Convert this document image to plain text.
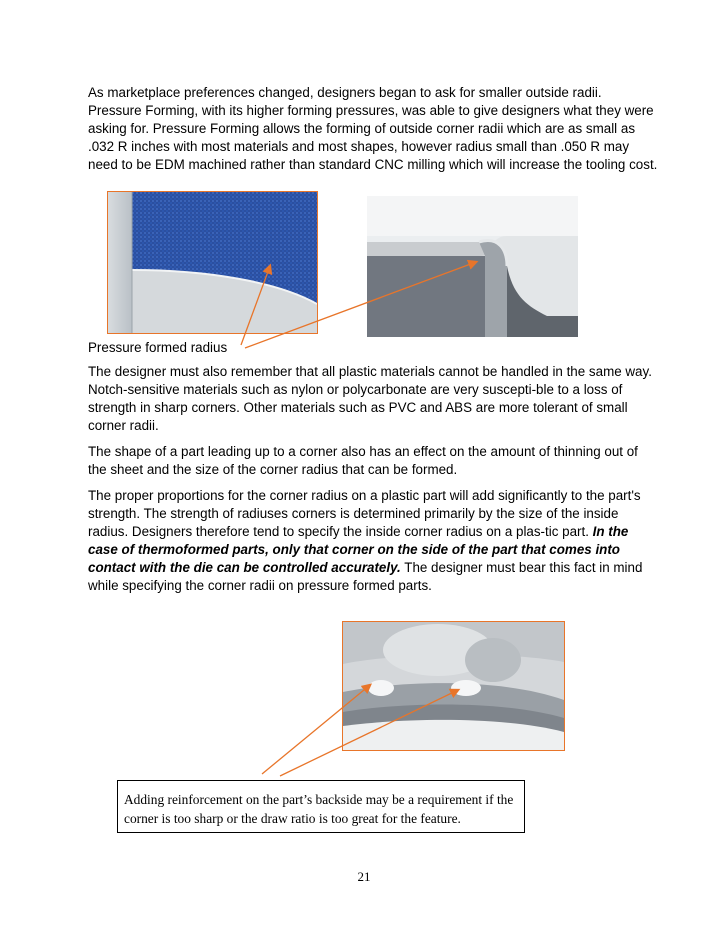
As marketplace preferences changed, designers began to ask for smaller outside radii. Pressure Forming, with its higher forming pressures, was able to give designers what they were asking for. Pressure Forming allows the forming of outside corner radii which are as small as .032 R inches with most materials and most shapes, however radius small than .050 R may need to be EDM machined rather than standard CNC milling which will increase the tooling cost.

Pressure formed radius

The designer must also remember that all plastic materials cannot be handled in the same way. Notch-sensitive materials such as nylon or polycarbonate are very suscepti-ble to a loss of strength in sharp corners. Other materials such as PVC and ABS are more tolerant of small corner radii.

The shape of a part leading up to a corner also has an effect on the amount of thinning out of the sheet and the size of the corner radius that can be formed.

The proper proportions for the corner radius on a plastic part will add significantly to the part's strength. The strength of radiuses corners is determined primarily by the size of the inside radius. Designers therefore tend to specify the inside corner radius on a plas-tic part. In the case of thermoformed parts, only that corner on the side of the part that comes into contact with the die can be controlled accurately. The designer must bear this fact in mind while specifying the corner radii on pressure formed parts.

Adding reinforcement on the part’s backside may be a requirement if the corner is too sharp or the draw ratio is too great for the feature.
21
